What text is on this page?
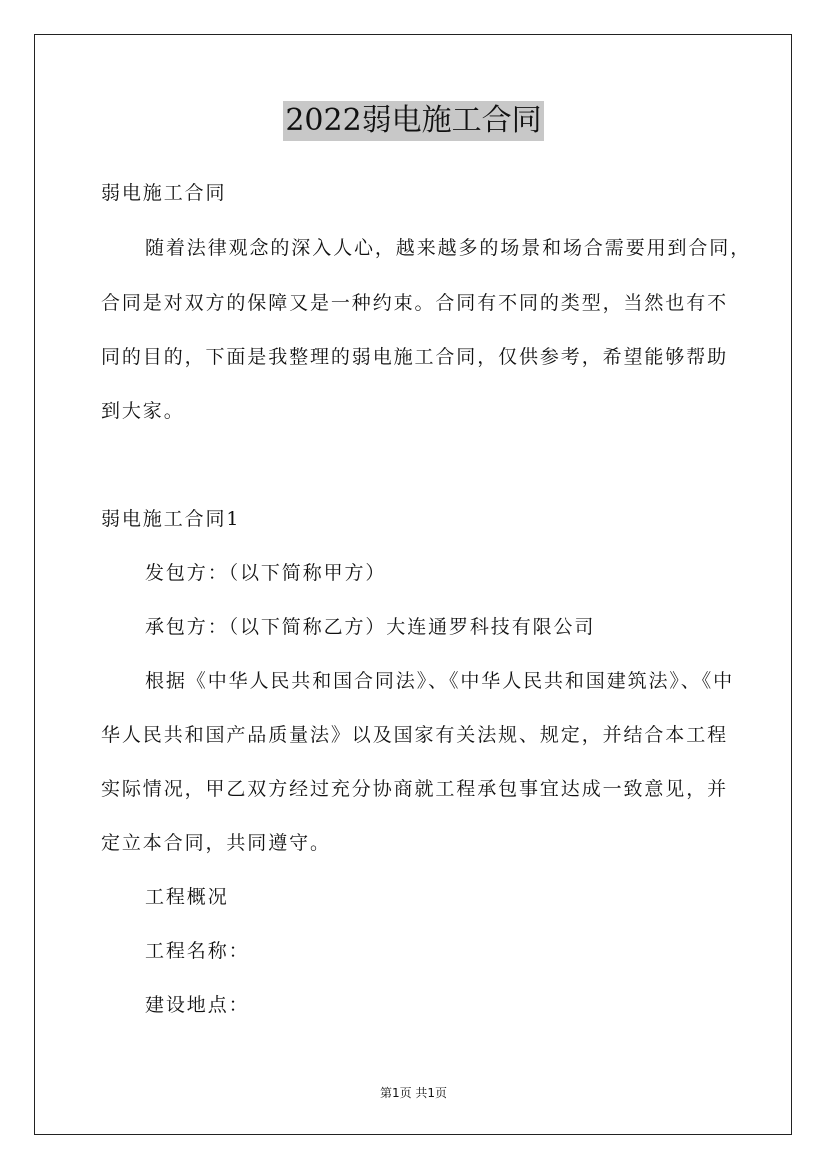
2022弱电施工合同
弱电施工合同
随着法律观念的深入人心，越来越多的场景和场合需要用到合同，
合同是对双方的保障又是一种约束。合同有不同的类型，当然也有不
同的目的，下面是我整理的弱电施工合同，仅供参考，希望能够帮助
到大家。
弱电施工合同1
发包方：（以下简称甲方）
承包方：（以下简称乙方）大连通罗科技有限公司
根据《中华人民共和国合同法》、《中华人民共和国建筑法》、《中
华人民共和国产品质量法》以及国家有关法规、规定，并结合本工程
实际情况，甲乙双方经过充分协商就工程承包事宜达成一致意见，并
定立本合同，共同遵守。
工程概况
工程名称：
建设地点：
第1页 共1页
